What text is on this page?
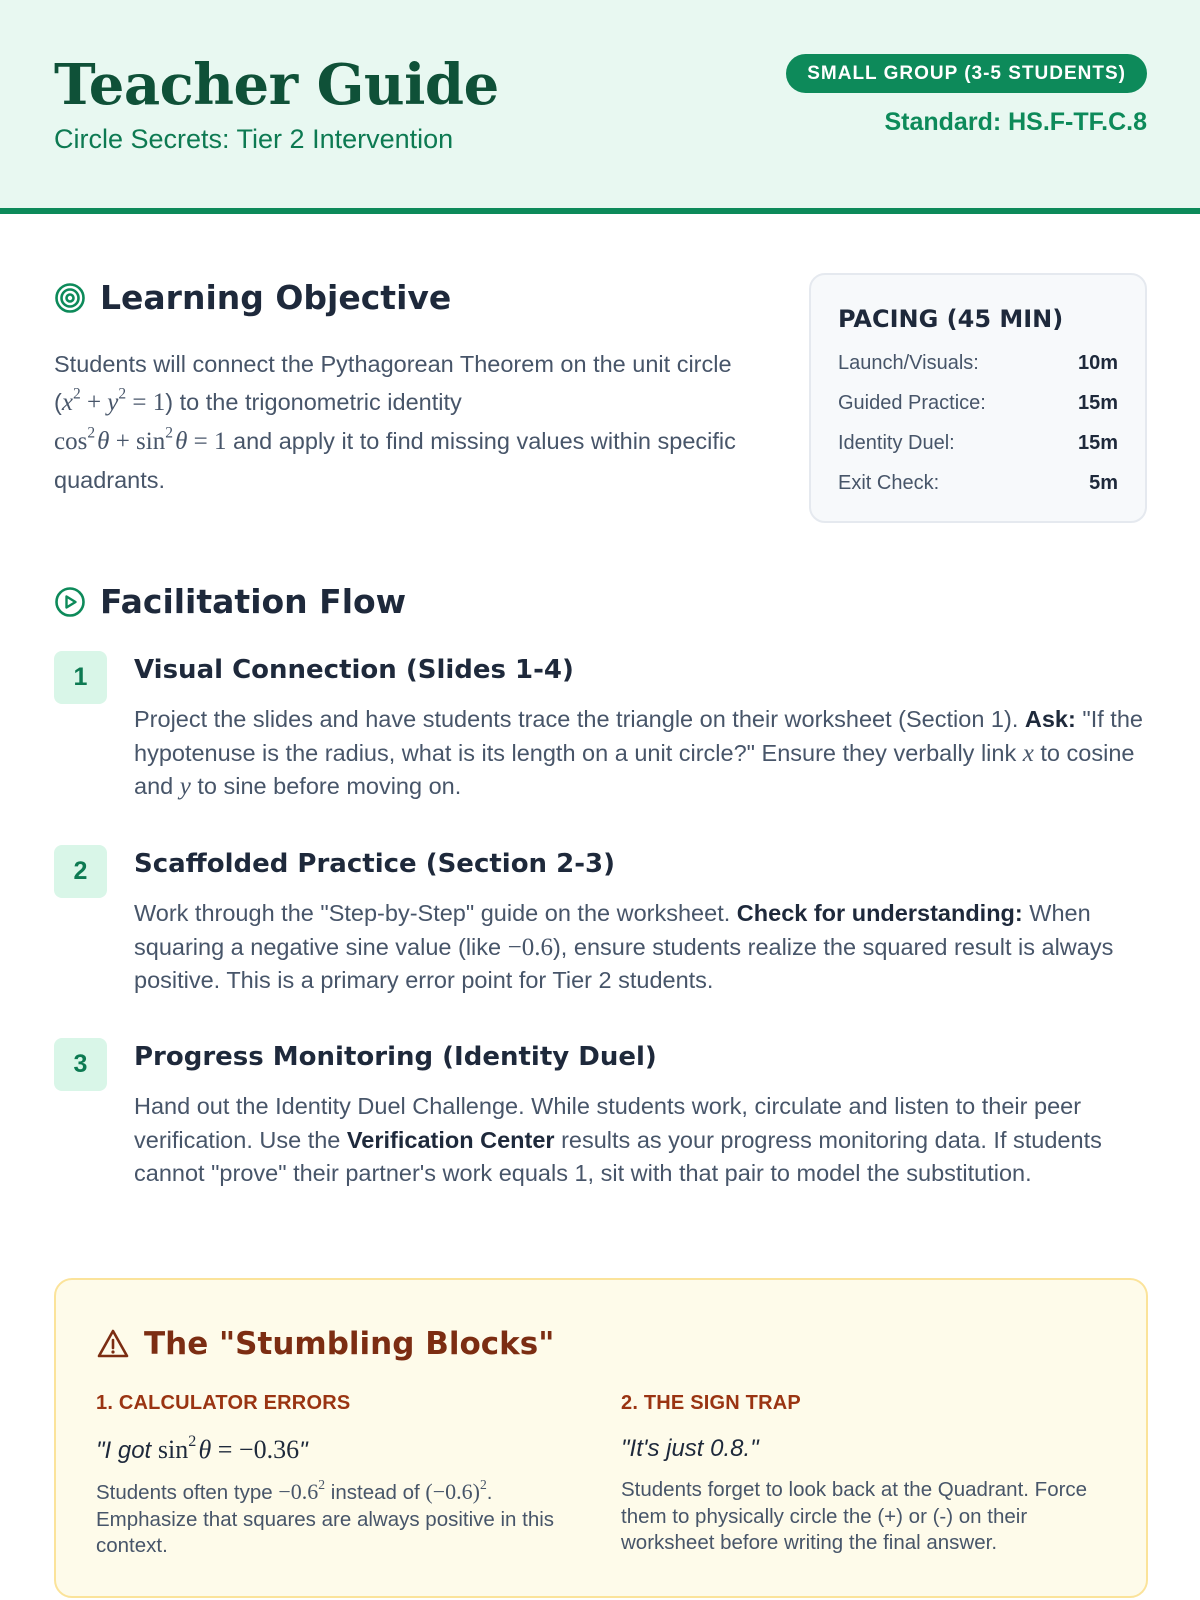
Teacher Guide
Circle Secrets: Tier 2 Intervention
SMALL GROUP (3-5 STUDENTS)
Standard: HS.F-TF.C.8
Learning Objective
Students will connect the Pythagorean Theorem on the unit circle $(x^2 + y^2 = 1)$ to the trigonometric identity
$\cos^2$ $\theta + \sin^2$ θ = 1 and apply it to find missing values within specific quadrants.
PACING (45 MIN)
Launch/Visuals:	10m
Guided Practice:	15m
Identity Duel:	15m
Exit Check:	5m
Facilitation Flow
1	Visual Connection (Slides 1-4)
Project the slides and have students trace the triangle on their worksheet (Section 1). Ask: "If the hypotenuse is the radius, what is its length on a unit circle?" Ensure they verbally link x to cosine and y to sine before moving on.
2	Scaffolded Practice (Section 2-3)
Work through the "Step-by-Step" guide on the worksheet. Check for understanding: When squaring a negative sine value (like −0.6), ensure students realize the squared result is always positive. This is a primary error point for Tier 2 students.
3	Progress Monitoring (Identity Duel)
Hand out the Identity Duel Challenge. While students work, circulate and listen to their peer verification. Use the Verification Center results as your progress monitoring data. If students cannot "prove" their partner's work equals 1, sit with that pair to model the substitution.
The "Stumbling Blocks"
1. CALCULATOR ERRORS
"I got $\sin^2$ θ = −0.36"
Students often type $-0.6^2$ instead of $(-0.6)^2$. Emphasize that squares are always positive in this context.
2. THE SIGN TRAP
"It's just 0.8."
Students forget to look back at the Quadrant. Force them to physically circle the (+) or (-) on their worksheet before writing the final answer.
